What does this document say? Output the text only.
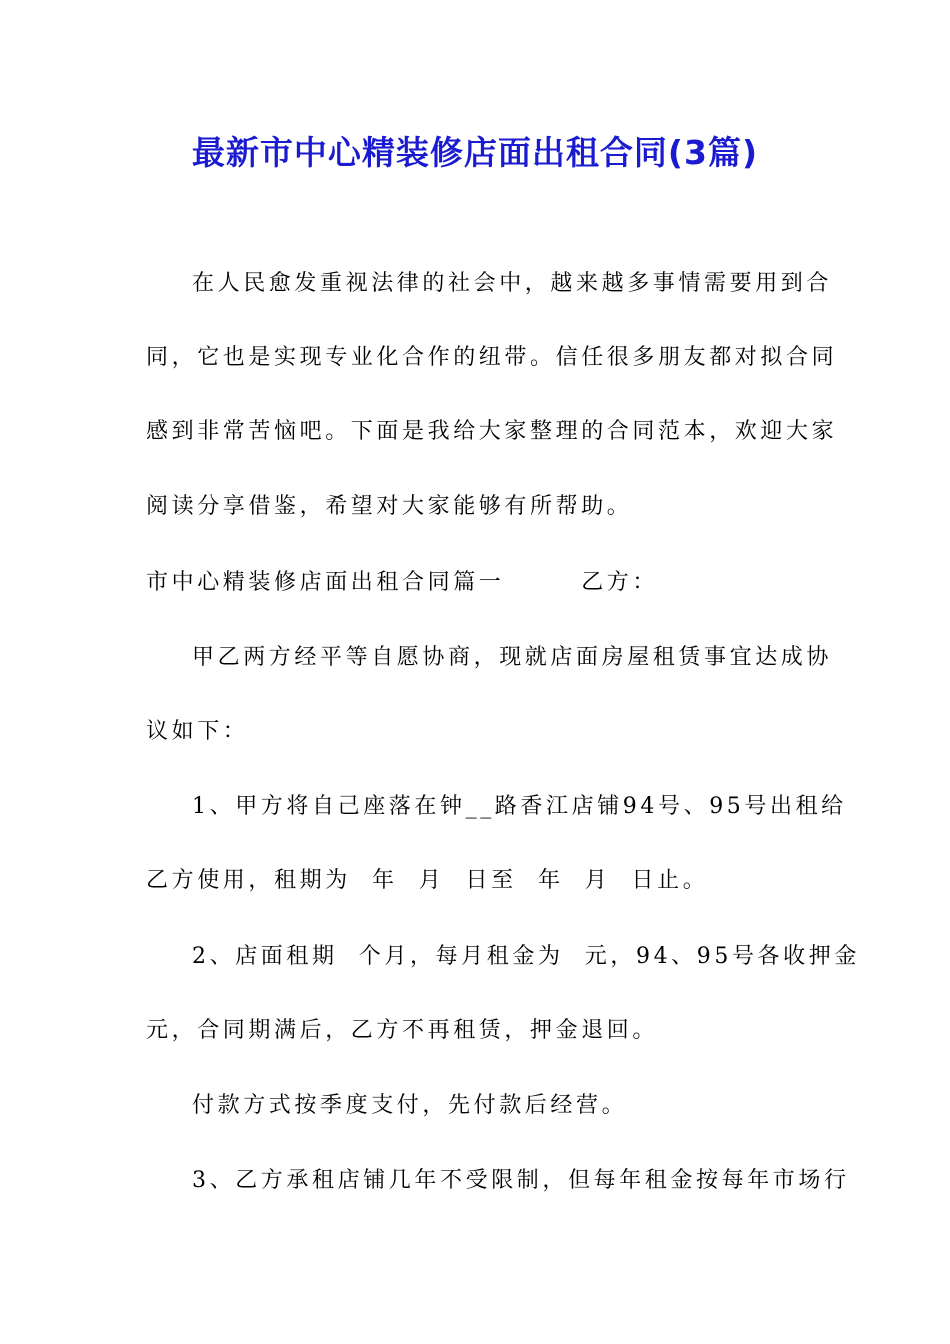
最新市中心精装修店面出租合同(3篇)

在人民愈发重视法律的社会中，越来越多事情需要用到合

同，它也是实现专业化合作的纽带。信任很多朋友都对拟合同

感到非常苦恼吧。下面是我给大家整理的合同范本，欢迎大家

阅读分享借鉴，希望对大家能够有所帮助。

市中心精装修店面出租合同篇一　　　乙方：

甲乙两方经平等自愿协商，现就店面房屋租赁事宜达成协

议如下：

1、甲方将自己座落在钟__路香江店铺94号、95号出租给

乙方使用，租期为  年  月  日至  年  月  日止。

2、店面租期  个月，每月租金为  元，94、95号各收押金

元，合同期满后，乙方不再租赁，押金退回。

付款方式按季度支付，先付款后经营。

3、乙方承租店铺几年不受限制，但每年租金按每年市场行
